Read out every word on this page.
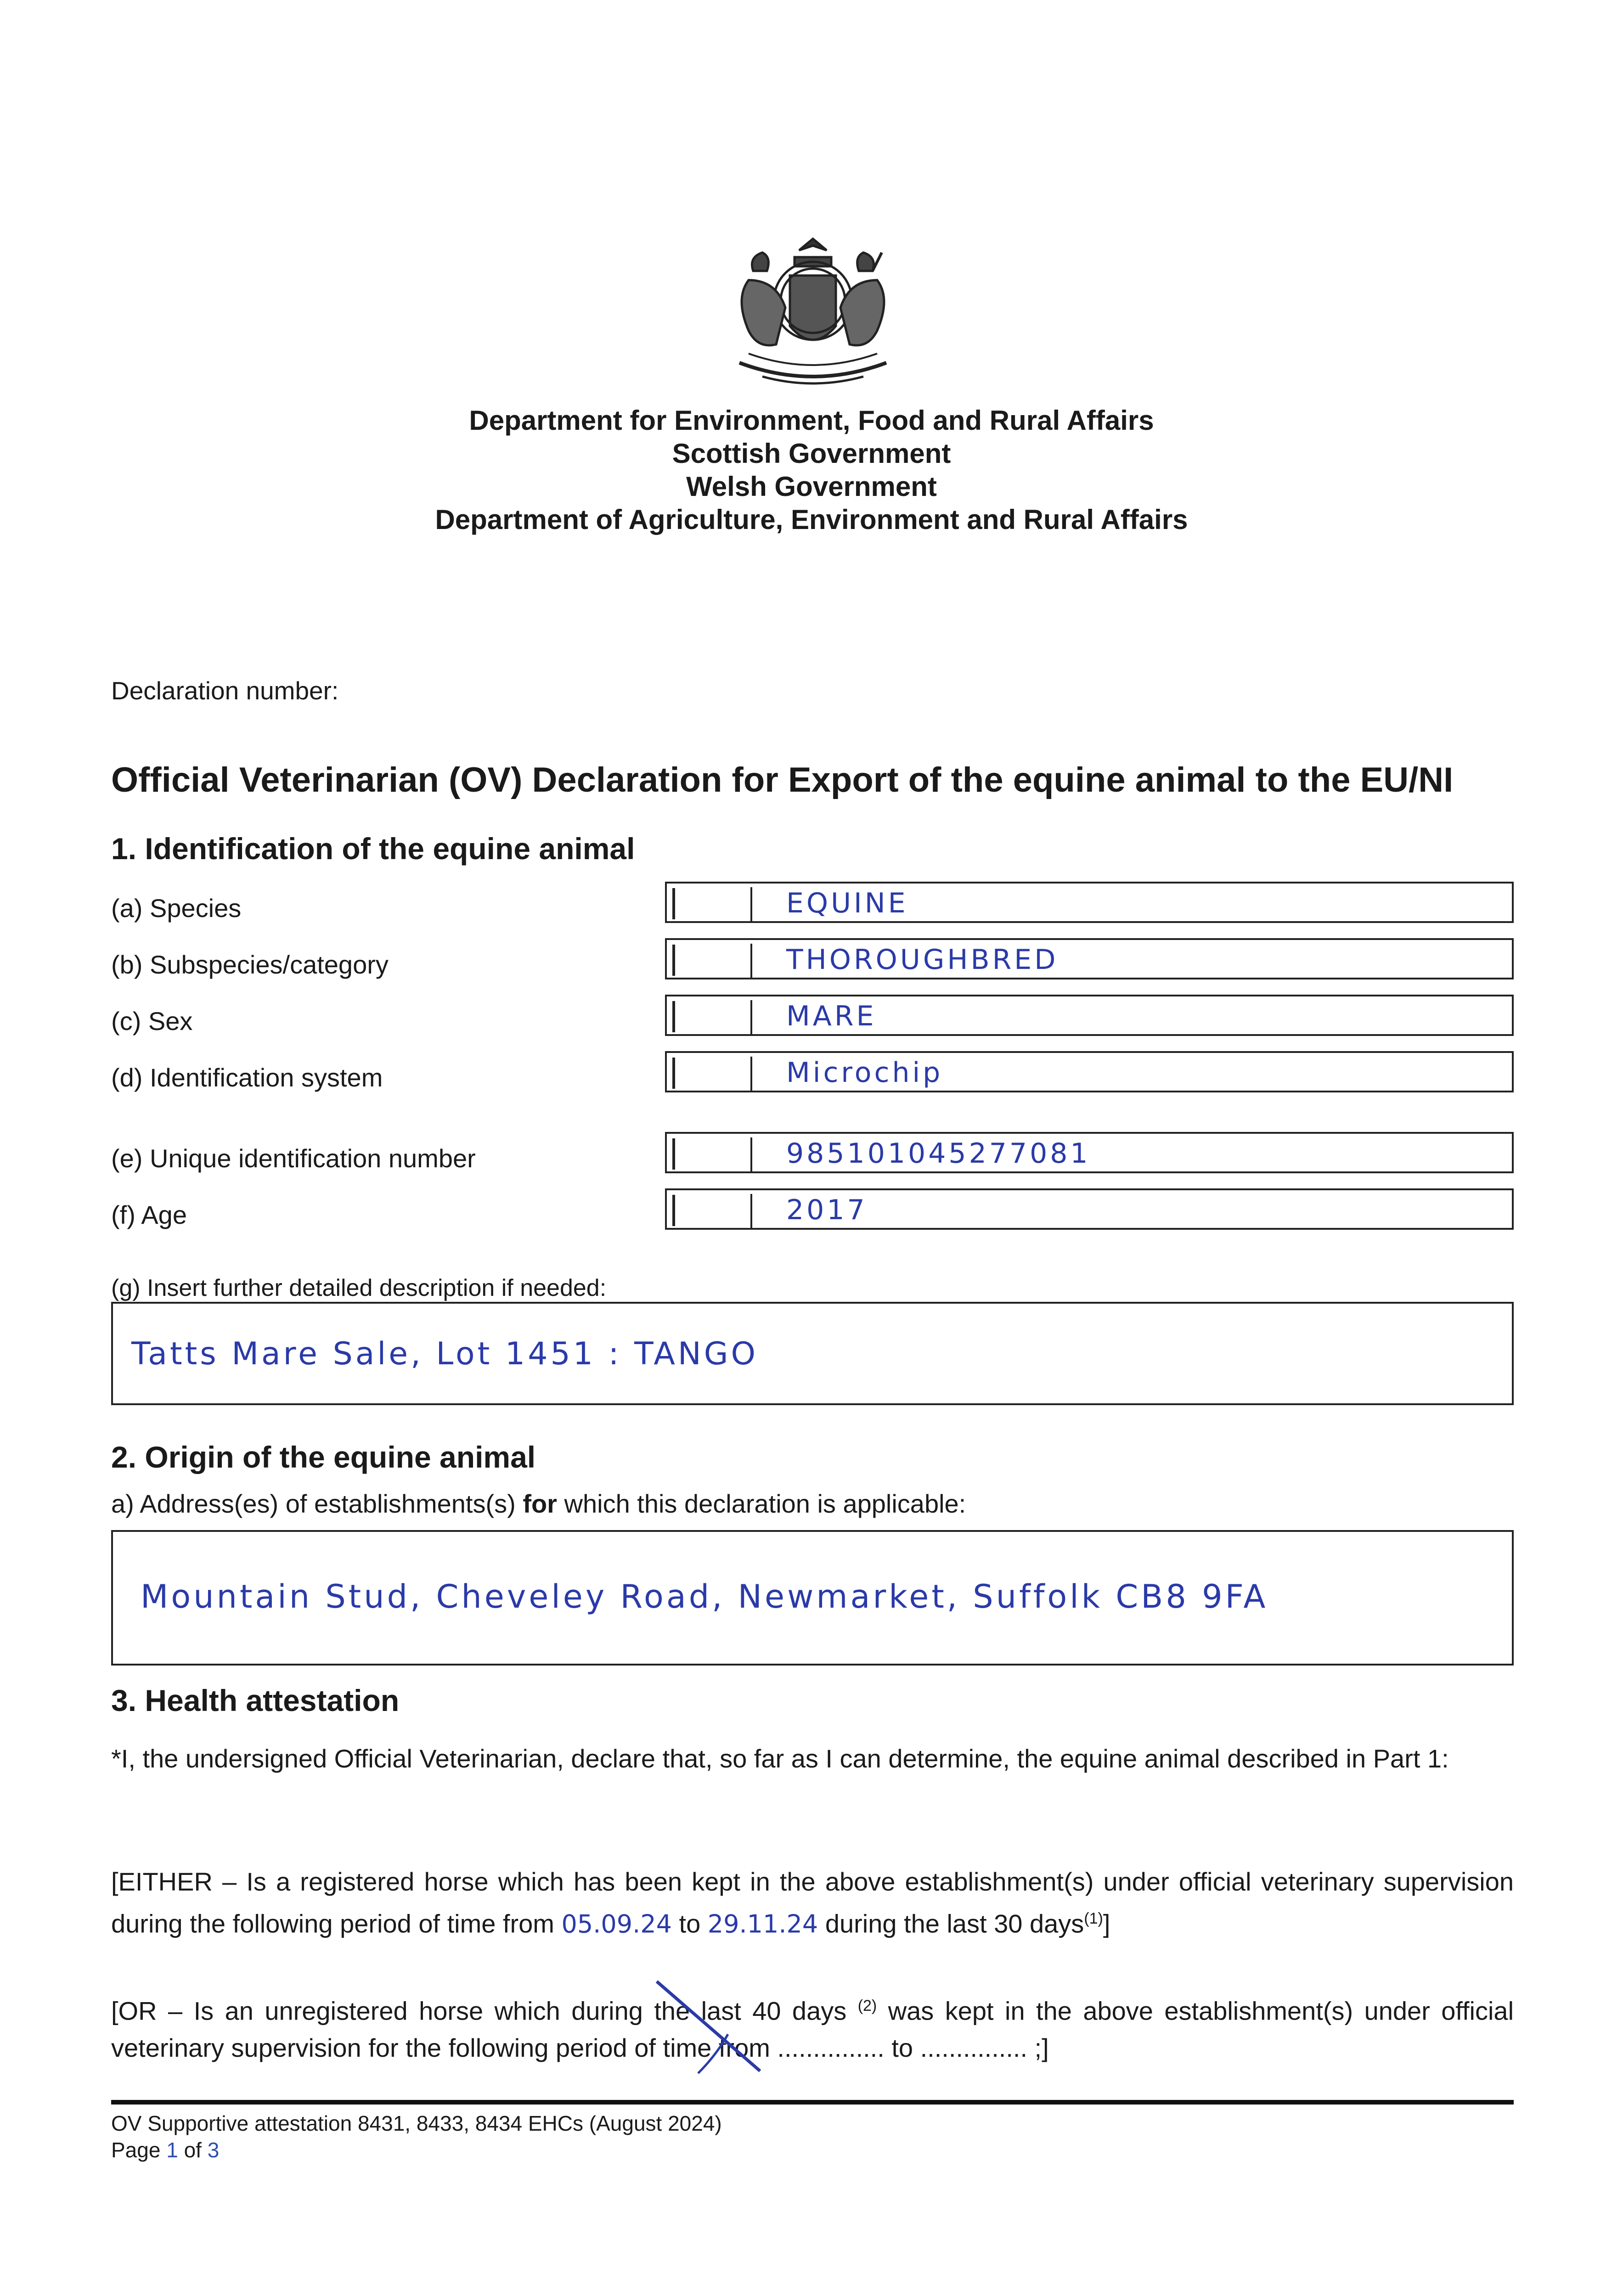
Department for Environment, Food and Rural Affairs
Scottish Government
Welsh Government
Department of Agriculture, Environment and Rural Affairs
Declaration number:
Official Veterinarian (OV) Declaration for Export of the equine animal to the EU/NI
1. Identification of the equine animal
(a) Species	EQUINE
(b) Subspecies/category	THOROUGHBRED
(c) Sex	MARE
(d) Identification system	Microchip
(e) Unique identification number	985101045277081
(f) Age	2017
(g) Insert further detailed description if needed:
Tatts Mare Sale, Lot 1451 : TANGO
2. Origin of the equine animal
a) Address(es) of establishments(s) for which this declaration is applicable:
Mountain Stud, Cheveley Road, Newmarket, Suffolk CB8 9FA
3. Health attestation
*I, the undersigned Official Veterinarian, declare that, so far as I can determine, the equine animal described in Part 1:
[EITHER – Is a registered horse which has been kept in the above establishment(s) under official veterinary supervision during the following period of time from 05.09.24 to 29.11.24 during the last 30 days$^{(1)}$]
[OR – Is an unregistered horse which during the last 40 days $^{(2)}$ was kept in the above establishment(s) under official veterinary supervision for the following period of time from ............... to ............... ;]
OV Supportive attestation 8431, 8433, 8434 EHCs (August 2024)
Page 1 of 3
